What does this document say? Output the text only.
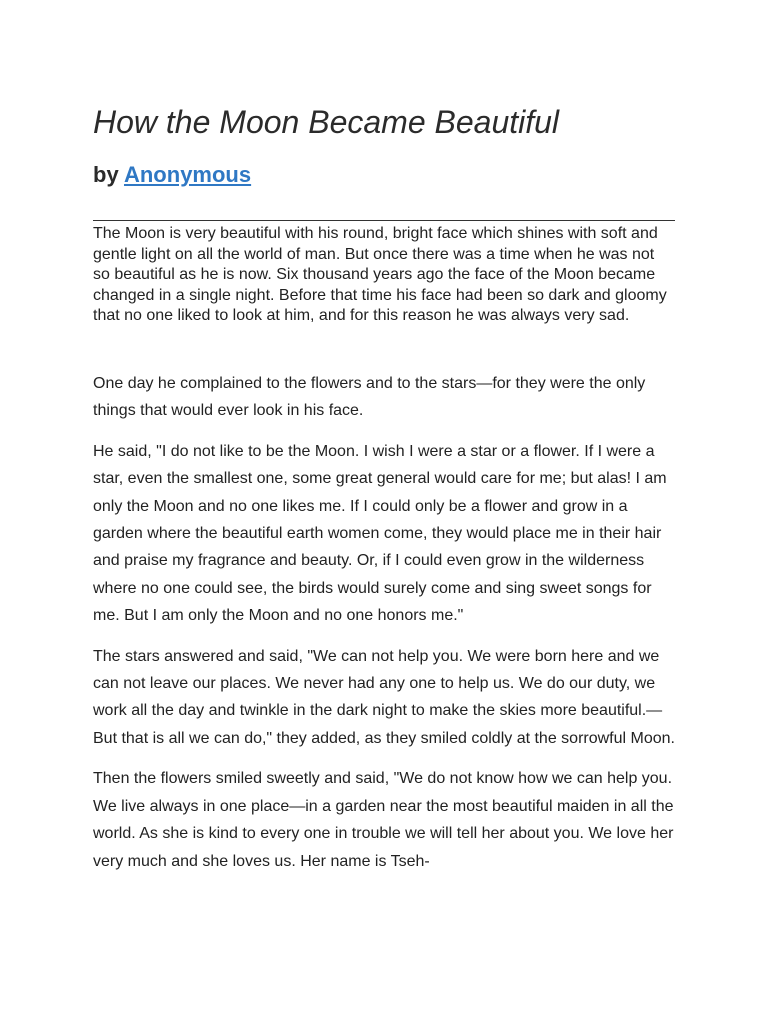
How the Moon Became Beautiful
by Anonymous

The Moon is very beautiful with his round, bright face which shines with soft and gentle light on all the world of man. But once there was a time when he was not so beautiful as he is now. Six thousand years ago the face of the Moon became changed in a single night. Before that time his face had been so dark and gloomy that no one liked to look at him, and for this reason he was always very sad.

One day he complained to the flowers and to the stars—for they were the only things that would ever look in his face.

He said, "I do not like to be the Moon. I wish I were a star or a flower. If I were a star, even the smallest one, some great general would care for me; but alas! I am only the Moon and no one likes me. If I could only be a flower and grow in a garden where the beautiful earth women come, they would place me in their hair and praise my fragrance and beauty. Or, if I could even grow in the wilderness where no one could see, the birds would surely come and sing sweet songs for me. But I am only the Moon and no one honors me."

The stars answered and said, "We can not help you. We were born here and we can not leave our places. We never had any one to help us. We do our duty, we work all the day and twinkle in the dark night to make the skies more beautiful.—But that is all we can do," they added, as they smiled coldly at the sorrowful Moon.

Then the flowers smiled sweetly and said, "We do not know how we can help you. We live always in one place—in a garden near the most beautiful maiden in all the world. As she is kind to every one in trouble we will tell her about you. We love her very much and she loves us. Her name is Tseh-
